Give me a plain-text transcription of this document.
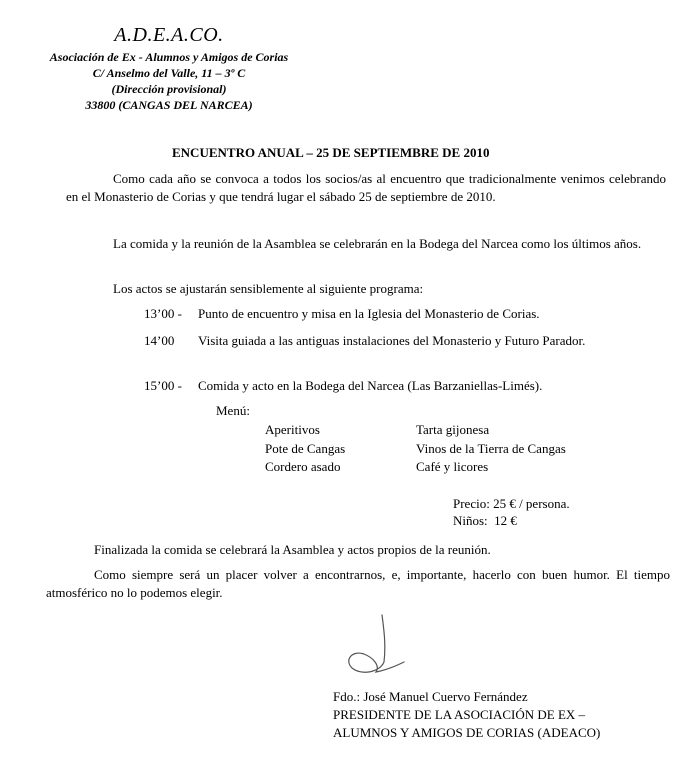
A.D.E.A.CO.
Asociación de Ex - Alumnos y Amigos de Corias
C/ Anselmo del Valle, 11 – 3º C
(Dirección provisional)
33800 (CANGAS DEL NARCEA)
ENCUENTRO ANUAL – 25 DE SEPTIEMBRE DE 2010
Como cada año se convoca a todos los socios/as al encuentro que tradicionalmente venimos celebrando en el Monasterio de Corias y que tendrá lugar el sábado 25 de septiembre de 2010.
La comida y la reunión de la Asamblea se celebrarán en la Bodega del Narcea como los últimos años.
Los actos se ajustarán sensiblemente al siguiente programa:
13’00 - Punto de encuentro y misa en la Iglesia del Monasterio de Corias.
14’00 Visita guiada a las antiguas instalaciones del Monasterio y Futuro Parador.
15’00 - Comida y acto en la Bodega del Narcea (Las Barzaniellas-Limés).
Menú:
Aperitivos
Pote de Cangas
Cordero asado
Tarta gijonesa
Vinos de la Tierra de Cangas
Café y licores
Precio: 25 € / persona.
Niños:  12 €
Finalizada la comida se celebrará la Asamblea y actos propios de la reunión.
Como siempre será un placer volver a encontrarnos, e, importante, hacerlo con buen humor. El tiempo atmosférico no lo podemos elegir.
Fdo.: José Manuel Cuervo Fernández
PRESIDENTE DE LA ASOCIACIÓN DE EX –
ALUMNOS Y AMIGOS DE CORIAS (ADEACO)
